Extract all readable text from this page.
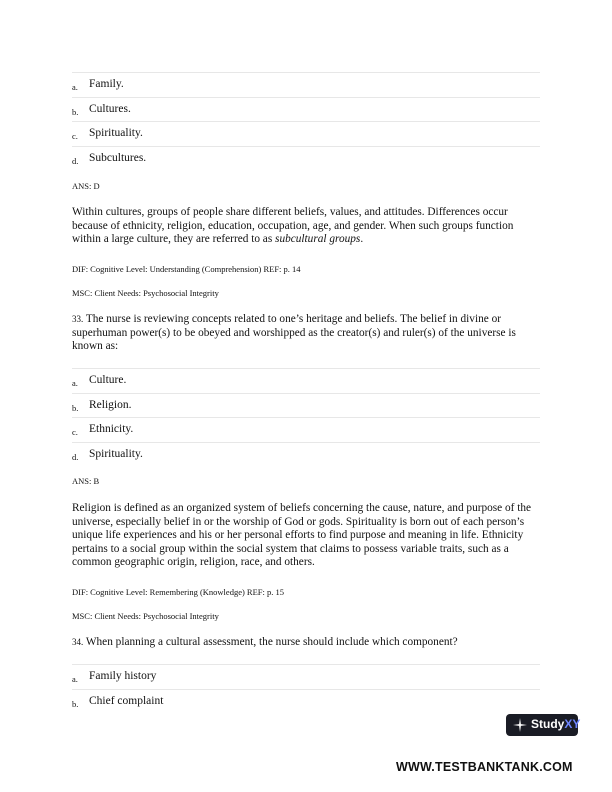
a. Family.
b. Cultures.
c. Spirituality.
d. Subcultures.
ANS: D
Within cultures, groups of people share different beliefs, values, and attitudes. Differences occur because of ethnicity, religion, education, occupation, age, and gender. When such groups function within a large culture, they are referred to as subcultural groups.
DIF: Cognitive Level: Understanding (Comprehension) REF: p. 14
MSC: Client Needs: Psychosocial Integrity
33. The nurse is reviewing concepts related to one’s heritage and beliefs. The belief in divine or superhuman power(s) to be obeyed and worshipped as the creator(s) and ruler(s) of the universe is known as:
a. Culture.
b. Religion.
c. Ethnicity.
d. Spirituality.
ANS: B
Religion is defined as an organized system of beliefs concerning the cause, nature, and purpose of the universe, especially belief in or the worship of God or gods. Spirituality is born out of each person’s unique life experiences and his or her personal efforts to find purpose and meaning in life. Ethnicity pertains to a social group within the social system that claims to possess variable traits, such as a common geographic origin, religion, race, and others.
DIF: Cognitive Level: Remembering (Knowledge) REF: p. 15
MSC: Client Needs: Psychosocial Integrity
34. When planning a cultural assessment, the nurse should include which component?
a. Family history
b. Chief complaint
StudyXY
WWW.TESTBANKTANK.COM
